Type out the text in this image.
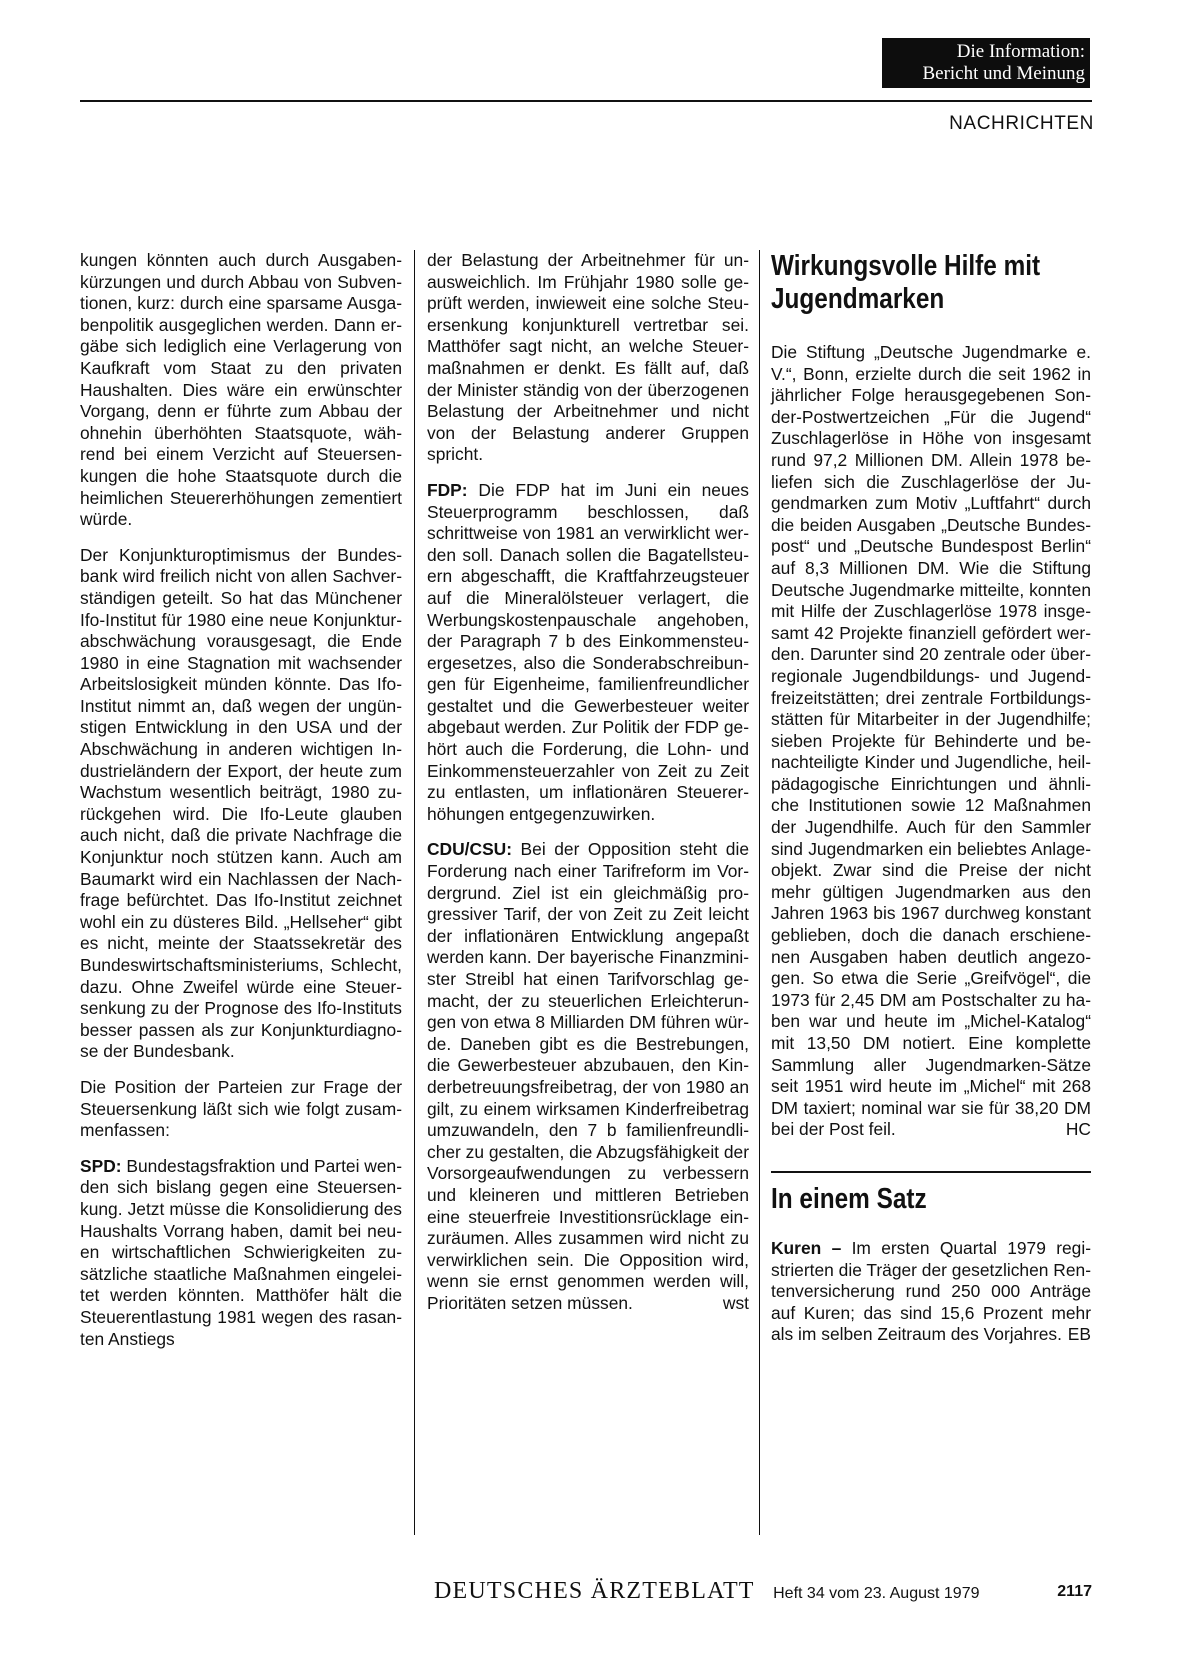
Die Information:
Bericht und Meinung
NACHRICHTEN

kungen könnten auch durch Ausgabenkürzungen und durch Abbau von Subventionen, kurz: durch eine sparsame Ausgabenpolitik ausgeglichen werden. Dann ergäbe sich lediglich eine Verlagerung von Kaufkraft vom Staat zu den privaten Haushalten. Dies wäre ein erwünschter Vorgang, denn er führte zum Abbau der ohnehin überhöhten Staatsquote, während bei einem Verzicht auf Steuersenkungen die hohe Staatsquote durch die heimlichen Steuererhöhungen zementiert würde.

Der Konjunkturoptimismus der Bundesbank wird freilich nicht von allen Sachverständigen geteilt. So hat das Münchener Ifo-Institut für 1980 eine neue Konjunkturabschwächung vorausgesagt, die Ende 1980 in eine Stagnation mit wachsender Arbeitslosigkeit münden könnte. Das Ifo-Institut nimmt an, daß wegen der ungünstigen Entwicklung in den USA und der Abschwächung in anderen wichtigen Industrieländern der Export, der heute zum Wachstum wesentlich beiträgt, 1980 zurückgehen wird. Die Ifo-Leute glauben auch nicht, daß die private Nachfrage die Konjunktur noch stützen kann. Auch am Baumarkt wird ein Nachlassen der Nachfrage befürchtet. Das Ifo-Institut zeichnet wohl ein zu düsteres Bild. „Hellseher“ gibt es nicht, meinte der Staatssekretär des Bundeswirtschaftsministeriums, Schlecht, dazu. Ohne Zweifel würde eine Steuersenkung zu der Prognose des Ifo-Instituts besser passen als zur Konjunkturdiagnose der Bundesbank.

Die Position der Parteien zur Frage der Steuersenkung läßt sich wie folgt zusammenfassen:

SPD: Bundestagsfraktion und Partei wenden sich bislang gegen eine Steuersenkung. Jetzt müsse die Konsolidierung des Haushalts Vorrang haben, damit bei neuen wirtschaftlichen Schwierigkeiten zusätzliche staatliche Maßnahmen eingeleitet werden könnten. Matthöfer hält die Steuerentlastung 1981 wegen des rasanten Anstiegs

der Belastung der Arbeitnehmer für unausweichlich. Im Frühjahr 1980 solle geprüft werden, inwieweit eine solche Steuersenkung konjunkturell vertretbar sei. Matthöfer sagt nicht, an welche Steuermaßnahmen er denkt. Es fällt auf, daß der Minister ständig von der überzogenen Belastung der Arbeitnehmer und nicht von der Belastung anderer Gruppen spricht.

FDP: Die FDP hat im Juni ein neues Steuerprogramm beschlossen, daß schrittweise von 1981 an verwirklicht werden soll. Danach sollen die Bagatellsteuern abgeschafft, die Kraftfahrzeugsteuer auf die Mineralölsteuer verlagert, die Werbungskostenpauschale angehoben, der Paragraph 7 b des Einkommensteuergesetzes, also die Sonderabschreibungen für Eigenheime, familienfreundlicher gestaltet und die Gewerbesteuer weiter abgebaut werden. Zur Politik der FDP gehört auch die Forderung, die Lohn- und Einkommensteuerzahler von Zeit zu Zeit zu entlasten, um inflationären Steuererhöhungen entgegenzuwirken.

CDU/CSU: Bei der Opposition steht die Forderung nach einer Tarifreform im Vordergrund. Ziel ist ein gleichmäßig progressiver Tarif, der von Zeit zu Zeit leicht der inflationären Entwicklung angepaßt werden kann. Der bayerische Finanzminister Streibl hat einen Tarifvorschlag gemacht, der zu steuerlichen Erleichterungen von etwa 8 Milliarden DM führen würde. Daneben gibt es die Bestrebungen, die Gewerbesteuer abzubauen, den Kinderbetreuungsfreibetrag, der von 1980 an gilt, zu einem wirksamen Kinderfreibetrag umzuwandeln, den 7 b familienfreundlicher zu gestalten, die Abzugsfähigkeit der Vorsorgeaufwendungen zu verbessern und kleineren und mittleren Betrieben eine steuerfreie Investitionsrücklage einzuräumen. Alles zusammen wird nicht zu verwirklichen sein. Die Opposition wird, wenn sie ernst genommen werden will, Prioritäten setzen müssen.	wst

Wirkungsvolle Hilfe mit Jugendmarken

Die Stiftung „Deutsche Jugendmarke e. V.“, Bonn, erzielte durch die seit 1962 in jährlicher Folge herausgegebenen Sonder-Postwertzeichen „Für die Jugend“ Zuschlagerlöse in Höhe von insgesamt rund 97,2 Millionen DM. Allein 1978 beliefen sich die Zuschlagerlöse der Jugendmarken zum Motiv „Luftfahrt“ durch die beiden Ausgaben „Deutsche Bundespost“ und „Deutsche Bundespost Berlin“ auf 8,3 Millionen DM. Wie die Stiftung Deutsche Jugendmarke mitteilte, konnten mit Hilfe der Zuschlagerlöse 1978 insgesamt 42 Projekte finanziell gefördert werden. Darunter sind 20 zentrale oder überregionale Jugendbildungs- und Jugendfreizeitstätten; drei zentrale Fortbildungsstätten für Mitarbeiter in der Jugendhilfe; sieben Projekte für Behinderte und benachteiligte Kinder und Jugendliche, heilpädagogische Einrichtungen und ähnliche Institutionen sowie 12 Maßnahmen der Jugendhilfe. Auch für den Sammler sind Jugendmarken ein beliebtes Anlageobjekt. Zwar sind die Preise der nicht mehr gültigen Jugendmarken aus den Jahren 1963 bis 1967 durchweg konstant geblieben, doch die danach erschienenen Ausgaben haben deutlich angezogen. So etwa die Serie „Greifvögel“, die 1973 für 2,45 DM am Postschalter zu haben war und heute im „Michel-Katalog“ mit 13,50 DM notiert. Eine komplette Sammlung aller Jugendmarken-Sätze seit 1951 wird heute im „Michel“ mit 268 DM taxiert; nominal war sie für 38,20 DM bei der Post feil.	HC

In einem Satz

Kuren – Im ersten Quartal 1979 registrierten die Träger der gesetzlichen Rentenversicherung rund 250 000 Anträge auf Kuren; das sind 15,6 Prozent mehr als im selben Zeitraum des Vorjahres. EB

DEUTSCHES ÄRZTEBLATT Heft 34 vom 23. August 1979	2117
